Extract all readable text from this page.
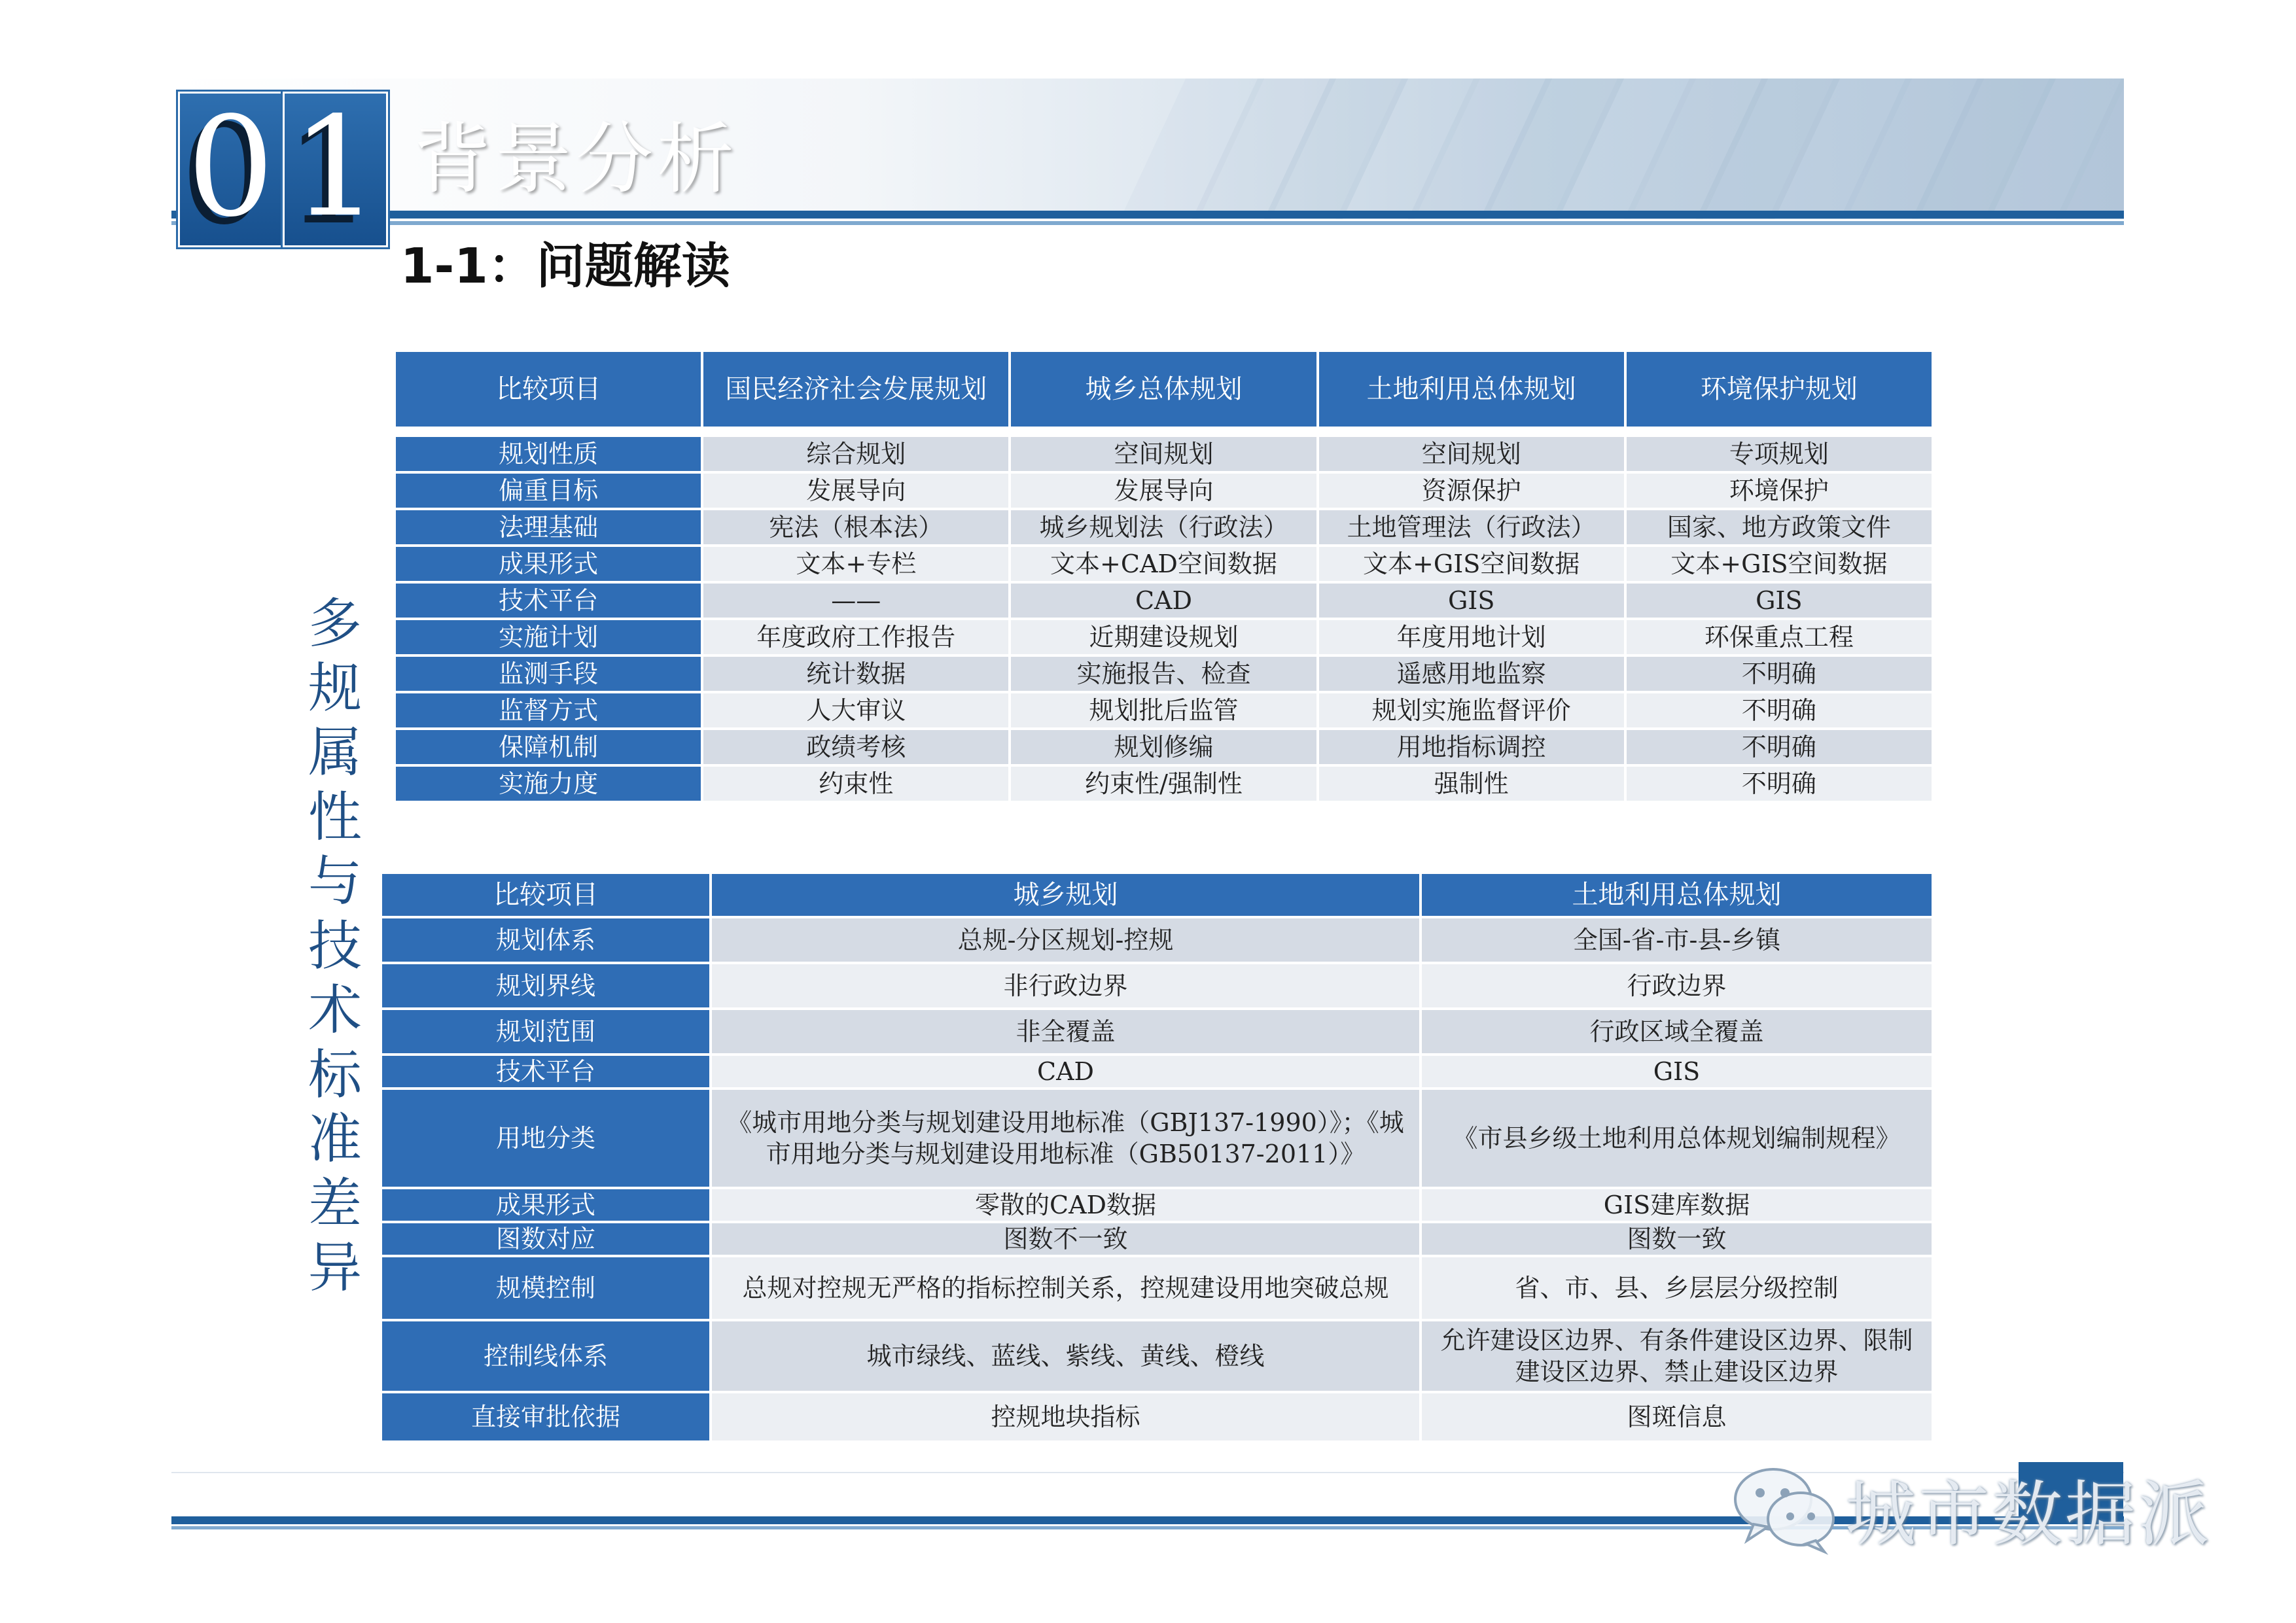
0 1 背景分析
1-1：问题解读
多
规
属
性
与
技
术
标
准
差
异
比较项目	国民经济社会发展规划	城乡总体规划	土地利用总体规划	环境保护规划

规划性质	综合规划	空间规划	空间规划	专项规划
偏重目标	发展导向	发展导向	资源保护	环境保护
法理基础	宪法（根本法）	城乡规划法（行政法）	土地管理法（行政法）	国家、地方政策文件
成果形式	文本+专栏	文本+CAD空间数据	文本+GIS空间数据	文本+GIS空间数据
技术平台	——	CAD	GIS	GIS
实施计划	年度政府工作报告	近期建设规划	年度用地计划	环保重点工程
监测手段	统计数据	实施报告、检查	遥感用地监察	不明确
监督方式	人大审议	规划批后监管	规划实施监督评价	不明确
保障机制	政绩考核	规划修编	用地指标调控	不明确
实施力度	约束性	约束性/强制性	强制性	不明确
比较项目	城乡规划	土地利用总体规划
规划体系	总规-分区规划-控规	全国-省-市-县-乡镇
规划界线	非行政边界	行政边界
规划范围	非全覆盖	行政区域全覆盖
技术平台	CAD	GIS
用地分类	《城市用地分类与规划建设用地标准（GBJ137-1990）》；《城市用地分类与规划建设用地标准（GB50137-2011）》	《市县乡级土地利用总体规划编制规程》
成果形式	零散的CAD数据	GIS建库数据
图数对应	图数不一致	图数一致
规模控制	总规对控规无严格的指标控制关系，控规建设用地突破总规	省、市、县、乡层层分级控制
控制线体系	城市绿线、蓝线、紫线、黄线、橙线	允许建设区边界、有条件建设区边界、限制建设区边界、禁止建设区边界
直接审批依据	控规地块指标	图斑信息
城市数据派
